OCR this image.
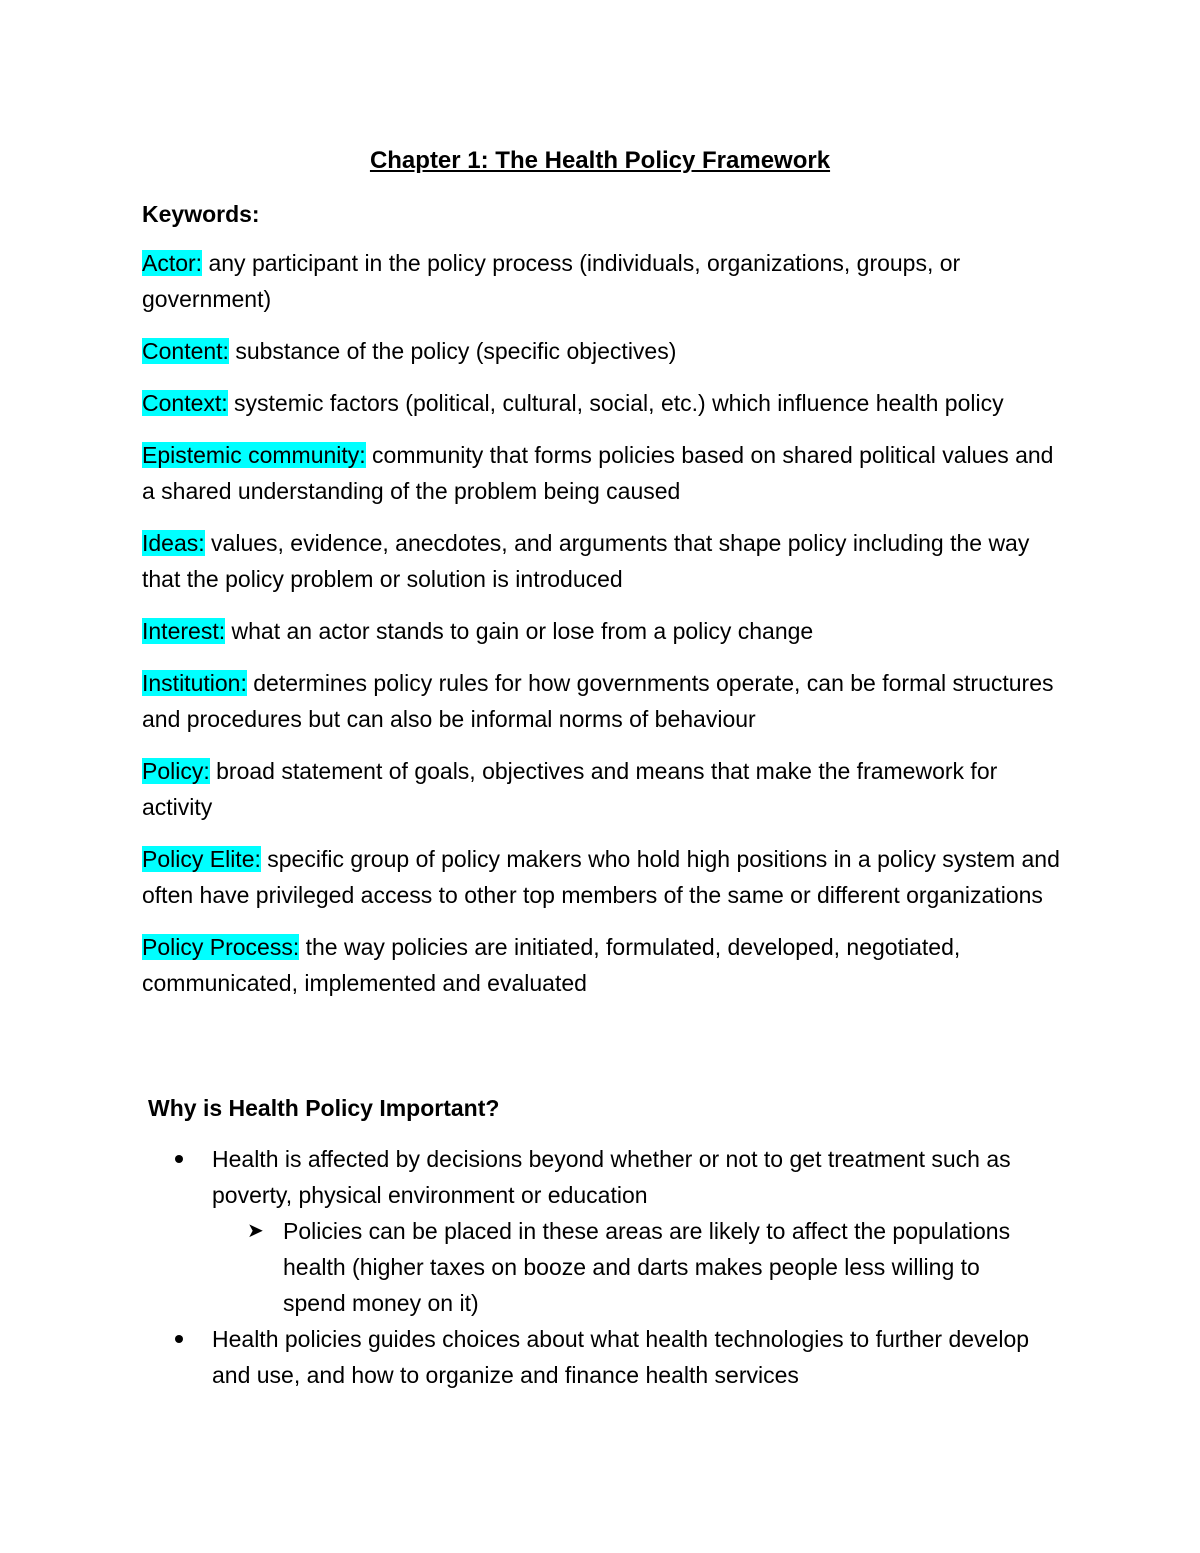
Chapter 1: The Health Policy Framework
Keywords:

Actor: any participant in the policy process (individuals, organizations, groups, or government)

Content: substance of the policy (specific objectives)

Context: systemic factors (political, cultural, social, etc.) which influence health policy

Epistemic community: community that forms policies based on shared political values and a shared understanding of the problem being caused

Ideas: values, evidence, anecdotes, and arguments that shape policy including the way that the policy problem or solution is introduced

Interest: what an actor stands to gain or lose from a policy change

Institution: determines policy rules for how governments operate, can be formal structures and procedures but can also be informal norms of behaviour

Policy: broad statement of goals, objectives and means that make the framework for activity

Policy Elite: specific group of policy makers who hold high positions in a policy system and often have privileged access to other top members of the same or different organizations

Policy Process: the way policies are initiated, formulated, developed, negotiated, communicated, implemented and evaluated

Why is Health Policy Important?
Health is affected by decisions beyond whether or not to get treatment such as poverty, physical environment or education
➤ Policies can be placed in these areas are likely to affect the populations health (higher taxes on booze and darts makes people less willing to spend money on it)
Health policies guides choices about what health technologies to further develop and use, and how to organize and finance health services
